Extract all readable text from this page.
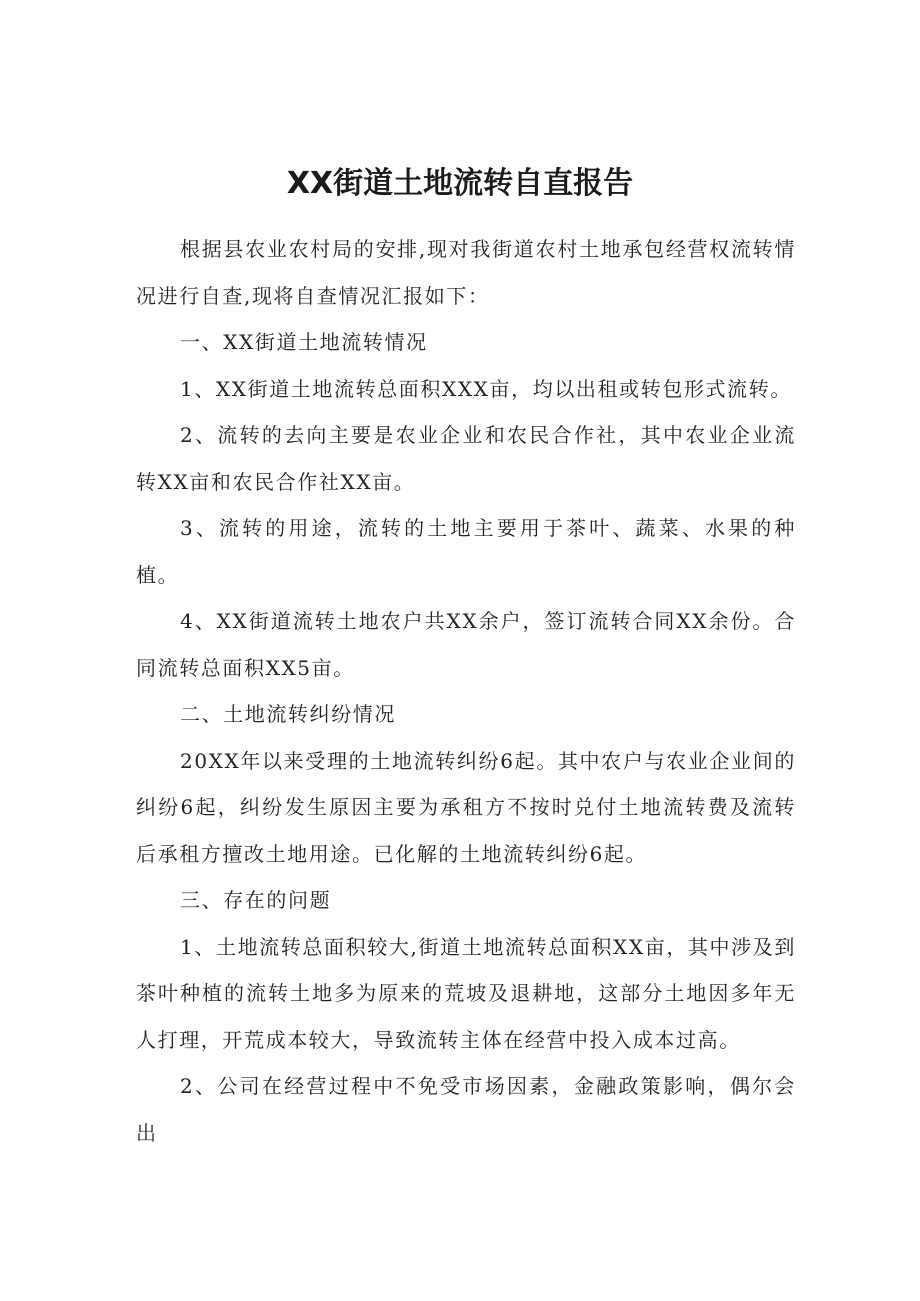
XX街道土地流转自直报告

根据县农业农村局的安排,现对我街道农村土地承包经营权流转情况进行自查,现将自查情况汇报如下：

一、XX街道土地流转情况

1、XX街道土地流转总面积XXX亩，均以出租或转包形式流转。

2、流转的去向主要是农业企业和农民合作社，其中农业企业流转XX亩和农民合作社XX亩。

3、流转的用途，流转的土地主要用于茶叶、蔬菜、水果的种植。

4、XX街道流转土地农户共XX余户，签订流转合同XX余份。合同流转总面积XX5亩。

二、土地流转纠纷情况

20XX年以来受理的土地流转纠纷6起。其中农户与农业企业间的纠纷6起，纠纷发生原因主要为承租方不按时兑付土地流转费及流转后承租方擅改土地用途。已化解的土地流转纠纷6起。

三、存在的问题

1、土地流转总面积较大,街道土地流转总面积XX亩，其中涉及到茶叶种植的流转土地多为原来的荒坡及退耕地，这部分土地因多年无人打理，开荒成本较大，导致流转主体在经营中投入成本过高。

2、公司在经营过程中不免受市场因素，金融政策影响，偶尔会出
